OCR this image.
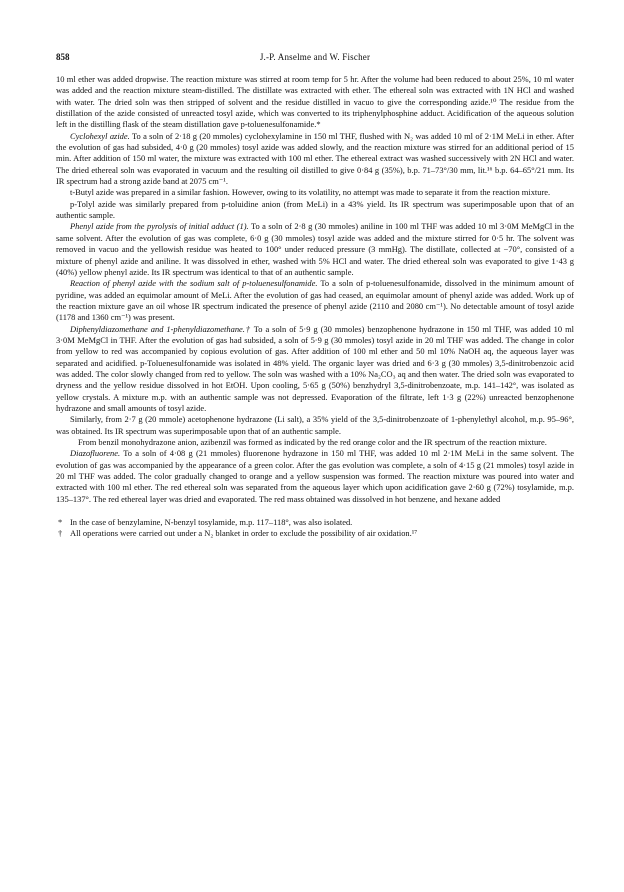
858	J.-P. Anselme and W. Fischer

10 ml ether was added dropwise. The reaction mixture was stirred at room temp for 5 hr. After the volume had been reduced to about 25%, 10 ml water was added and the reaction mixture steam-distilled. The distillate was extracted with ether. The ethereal soln was extracted with 1N HCl and washed with water. The dried soln was then stripped of solvent and the residue distilled in vacuo to give the corresponding azide.¹⁰ The residue from the distillation of the azide consisted of unreacted tosyl azide, which was converted to its triphenylphosphine adduct. Acidification of the aqueous solution left in the distilling flask of the steam distillation gave p-toluenesulfonamide.*

Cyclohexyl azide. To a soln of 2·18 g (20 mmoles) cyclohexylamine in 150 ml THF, flushed with N₂ was added 10 ml of 2·1M MeLi in ether. After the evolution of gas had subsided, 4·0 g (20 mmoles) tosyl azide was added slowly, and the reaction mixture was stirred for an additional period of 15 min. After addition of 150 ml water, the mixture was extracted with 100 ml ether. The ethereal extract was washed successively with 2N HCl and water. The dried ethereal soln was evaporated in vacuum and the resulting oil distilled to give 0·84 g (35%), b.p. 71–73°/30 mm, lit.¹⁶ b.p. 64–65°/21 mm. Its IR spectrum had a strong azide band at 2075 cm⁻¹.

t-Butyl azide was prepared in a similar fashion. However, owing to its volatility, no attempt was made to separate it from the reaction mixture.

p-Tolyl azide was similarly prepared from p-toluidine anion (from MeLi) in a 43% yield. Its IR spectrum was superimposable upon that of an authentic sample.

Phenyl azide from the pyrolysis of initial adduct (1). To a soln of 2·8 g (30 mmoles) aniline in 100 ml THF was added 10 ml 3·0M MeMgCl in the same solvent. After the evolution of gas was complete, 6·0 g (30 mmoles) tosyl azide was added and the mixture stirred for 0·5 hr. The solvent was removed in vacuo and the yellowish residue was heated to 100° under reduced pressure (3 mmHg). The distillate, collected at −70°, consisted of a mixture of phenyl azide and aniline. It was dissolved in ether, washed with 5% HCl and water. The dried ethereal soln was evaporated to give 1·43 g (40%) yellow phenyl azide. Its IR spectrum was identical to that of an authentic sample.

Reaction of phenyl azide with the sodium salt of p-toluenesulfonamide. To a soln of p-toluenesulfonamide, dissolved in the minimum amount of pyridine, was added an equimolar amount of MeLi. After the evolution of gas had ceased, an equimolar amount of phenyl azide was added. Work up of the reaction mixture gave an oil whose IR spectrum indicated the presence of phenyl azide (2110 and 2080 cm⁻¹). No detectable amount of tosyl azide (1178 and 1360 cm⁻¹) was present.

Diphenyldiazomethane and 1-phenyldiazomethane.† To a soln of 5·9 g (30 mmoles) benzophenone hydrazone in 150 ml THF, was added 10 ml 3·0M MeMgCl in THF. After the evolution of gas had subsided, a soln of 5·9 g (30 mmoles) tosyl azide in 20 ml THF was added. The change in color from yellow to red was accompanied by copious evolution of gas. After addition of 100 ml ether and 50 ml 10% NaOH aq, the aqueous layer was separated and acidified. p-Toluenesulfonamide was isolated in 48% yield. The organic layer was dried and 6·3 g (30 mmoles) 3,5-dinitrobenzoic acid was added. The color slowly changed from red to yellow. The soln was washed with a 10% Na₂CO₃ aq and then water. The dried soln was evaporated to dryness and the yellow residue dissolved in hot EtOH. Upon cooling, 5·65 g (50%) benzhydryl 3,5-dinitrobenzoate, m.p. 141–142°, was isolated as yellow crystals. A mixture m.p. with an authentic sample was not depressed. Evaporation of the filtrate, left 1·3 g (22%) unreacted benzophenone hydrazone and small amounts of tosyl azide.

Similarly, from 2·7 g (20 mmole) acetophenone hydrazone (Li salt), a 35% yield of the 3,5-dinitrobenzoate of 1-phenylethyl alcohol, m.p. 95–96°, was obtained. Its IR spectrum was superimposable upon that of an authentic sample.

From benzil monohydrazone anion, azibenzil was formed as indicated by the red orange color and the IR spectrum of the reaction mixture.

Diazofluorene. To a soln of 4·08 g (21 mmoles) fluorenone hydrazone in 150 ml THF, was added 10 ml 2·1M MeLi in the same solvent. The evolution of gas was accompanied by the appearance of a green color. After the gas evolution was complete, a soln of 4·15 g (21 mmoles) tosyl azide in 20 ml THF was added. The color gradually changed to orange and a yellow suspension was formed. The reaction mixture was poured into water and extracted with 100 ml ether. The red ethereal soln was separated from the aqueous layer which upon acidification gave 2·60 g (72%) tosylamide, m.p. 135–137°. The red ethereal layer was dried and evaporated. The red mass obtained was dissolved in hot benzene, and hexane added

* In the case of benzylamine, N-benzyl tosylamide, m.p. 117–118°, was also isolated.

† All operations were carried out under a N₂ blanket in order to exclude the possibility of air oxidation.¹⁷
